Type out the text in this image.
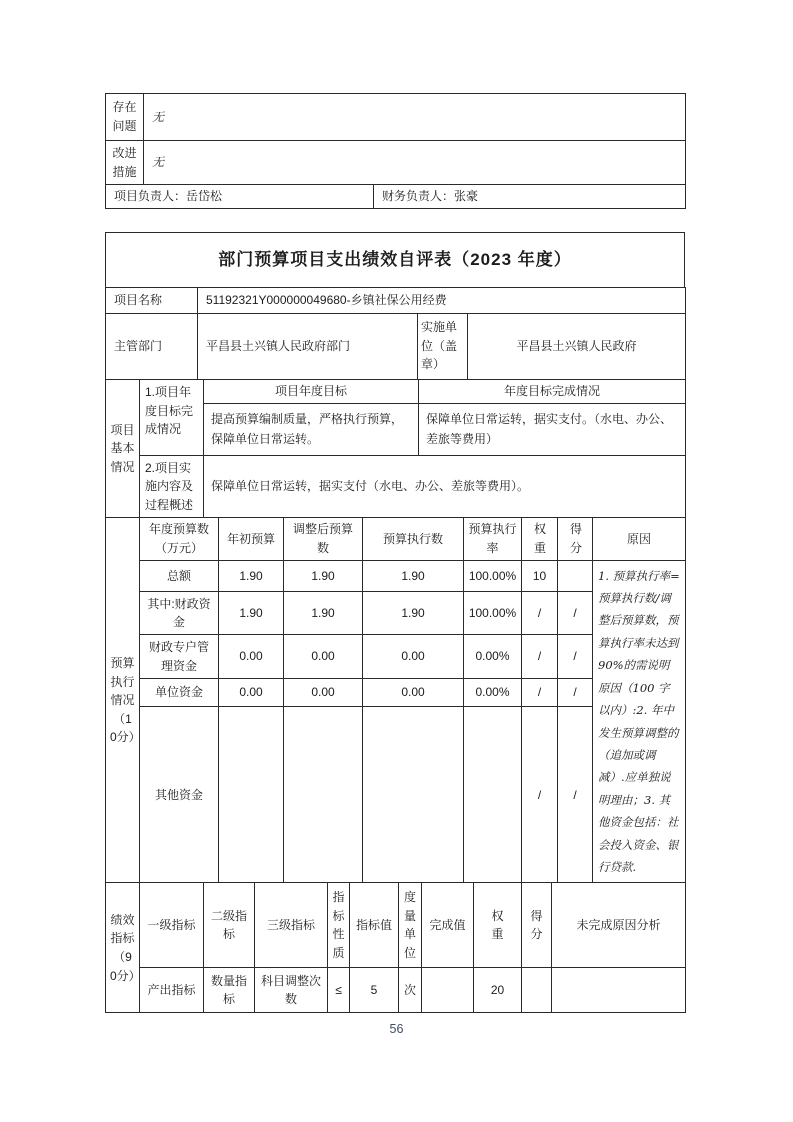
存在问题	无	
改进措施	无	
项目负责人：岳岱松		财务负责人：张豪
部门预算项目支出绩效自评表（2023 年度）
项目名称	51192321Y000000049680-乡镇社保公用经费
主管部门	平昌县土兴镇人民政府部门	实施单位（盖章）	平昌县土兴镇人民政府
项目基本情况	1.项目年度目标完成情况	项目年度目标	年度目标完成情况
		提高预算编制质量，严格执行预算，保障单位日常运转。	保障单位日常运转，据实支付。（水电、办公、差旅等费用）
	2.项目实施内容及过程概述	保障单位日常运转，据实支付（水电、办公、差旅等费用）。	
预算执行情况（10分）	年度预算数（万元）	年初预算	调整后预算数	预算执行数	预算执行率	权重	得分	原因
	总额	1.90	1.90	1.90	100.00%	10		1. 预算执行率=预算执行数/调整后预算数，预算执行率未达到 90%的需说明原因（100 字以内）:2. 年中发生预算调整的（追加或调减）.应单独说明理由；3. 其他资金包括：社会投入资金、银行贷款.
	其中:财政资金	1.90	1.90	1.90	100.00%	/	/	
	财政专户管理资金	0.00	0.00	0.00	0.00%	/	/	
	单位资金	0.00	0.00	0.00	0.00%	/	/	
	其他资金					/	/	
绩效指标（90分）	一级指标	二级指标	三级指标	指标性质	指标值	度量单位	完成值	权重	得分	未完成原因分析
	产出指标	数量指标	科目调整次数	≤	5	次		20		
56
